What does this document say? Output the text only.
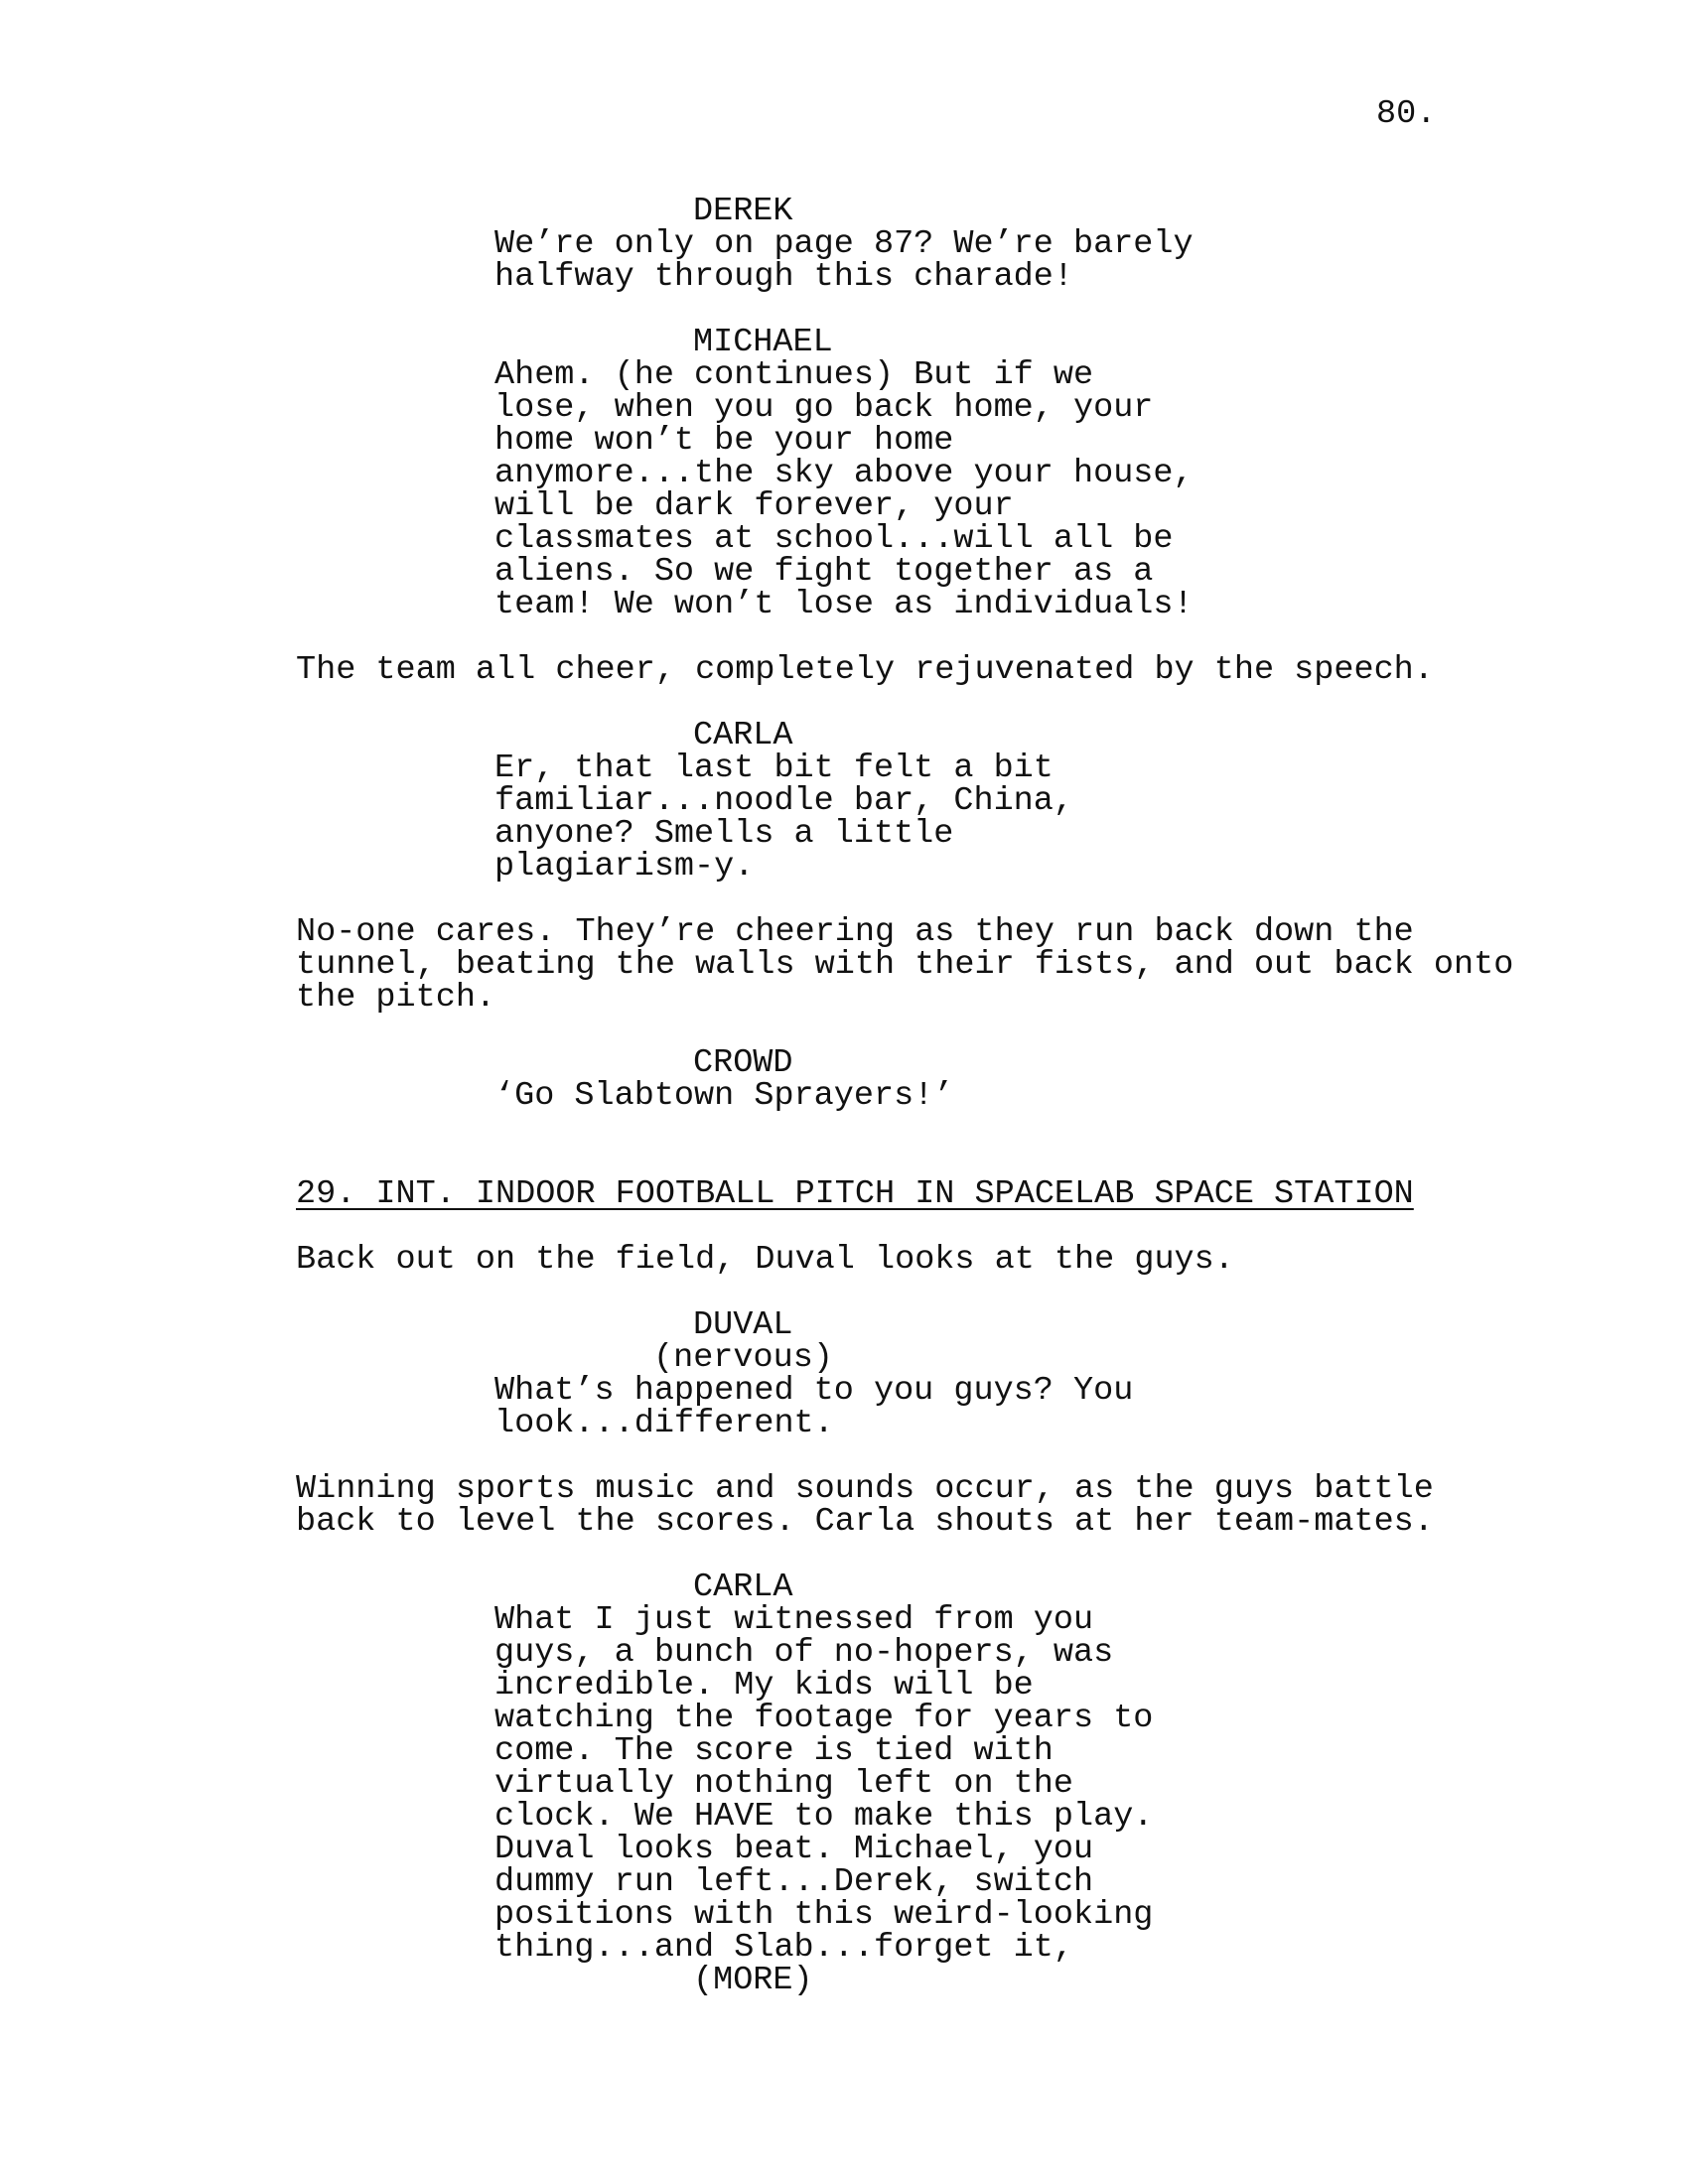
80.
DEREK
We’re only on page 87? We’re barely
halfway through this charade!
MICHAEL
Ahem. (he continues) But if we
lose, when you go back home, your
home won’t be your home
anymore...the sky above your house,
will be dark forever, your
classmates at school...will all be
aliens. So we fight together as a
team! We won’t lose as individuals!
The team all cheer, completely rejuvenated by the speech.
CARLA
Er, that last bit felt a bit
familiar...noodle bar, China,
anyone? Smells a little
plagiarism-y.
No-one cares. They’re cheering as they run back down the
tunnel, beating the walls with their fists, and out back onto
the pitch.
CROWD
‘Go Slabtown Sprayers!’
29. INT. INDOOR FOOTBALL PITCH IN SPACELAB SPACE STATION
Back out on the field, Duval looks at the guys.
DUVAL
(nervous)
What’s happened to you guys? You
look...different.
Winning sports music and sounds occur, as the guys battle
back to level the scores. Carla shouts at her team-mates.
CARLA
What I just witnessed from you
guys, a bunch of no-hopers, was
incredible. My kids will be
watching the footage for years to
come. The score is tied with
virtually nothing left on the
clock. We HAVE to make this play.
Duval looks beat. Michael, you
dummy run left...Derek, switch
positions with this weird-looking
thing...and Slab...forget it,
(MORE)
